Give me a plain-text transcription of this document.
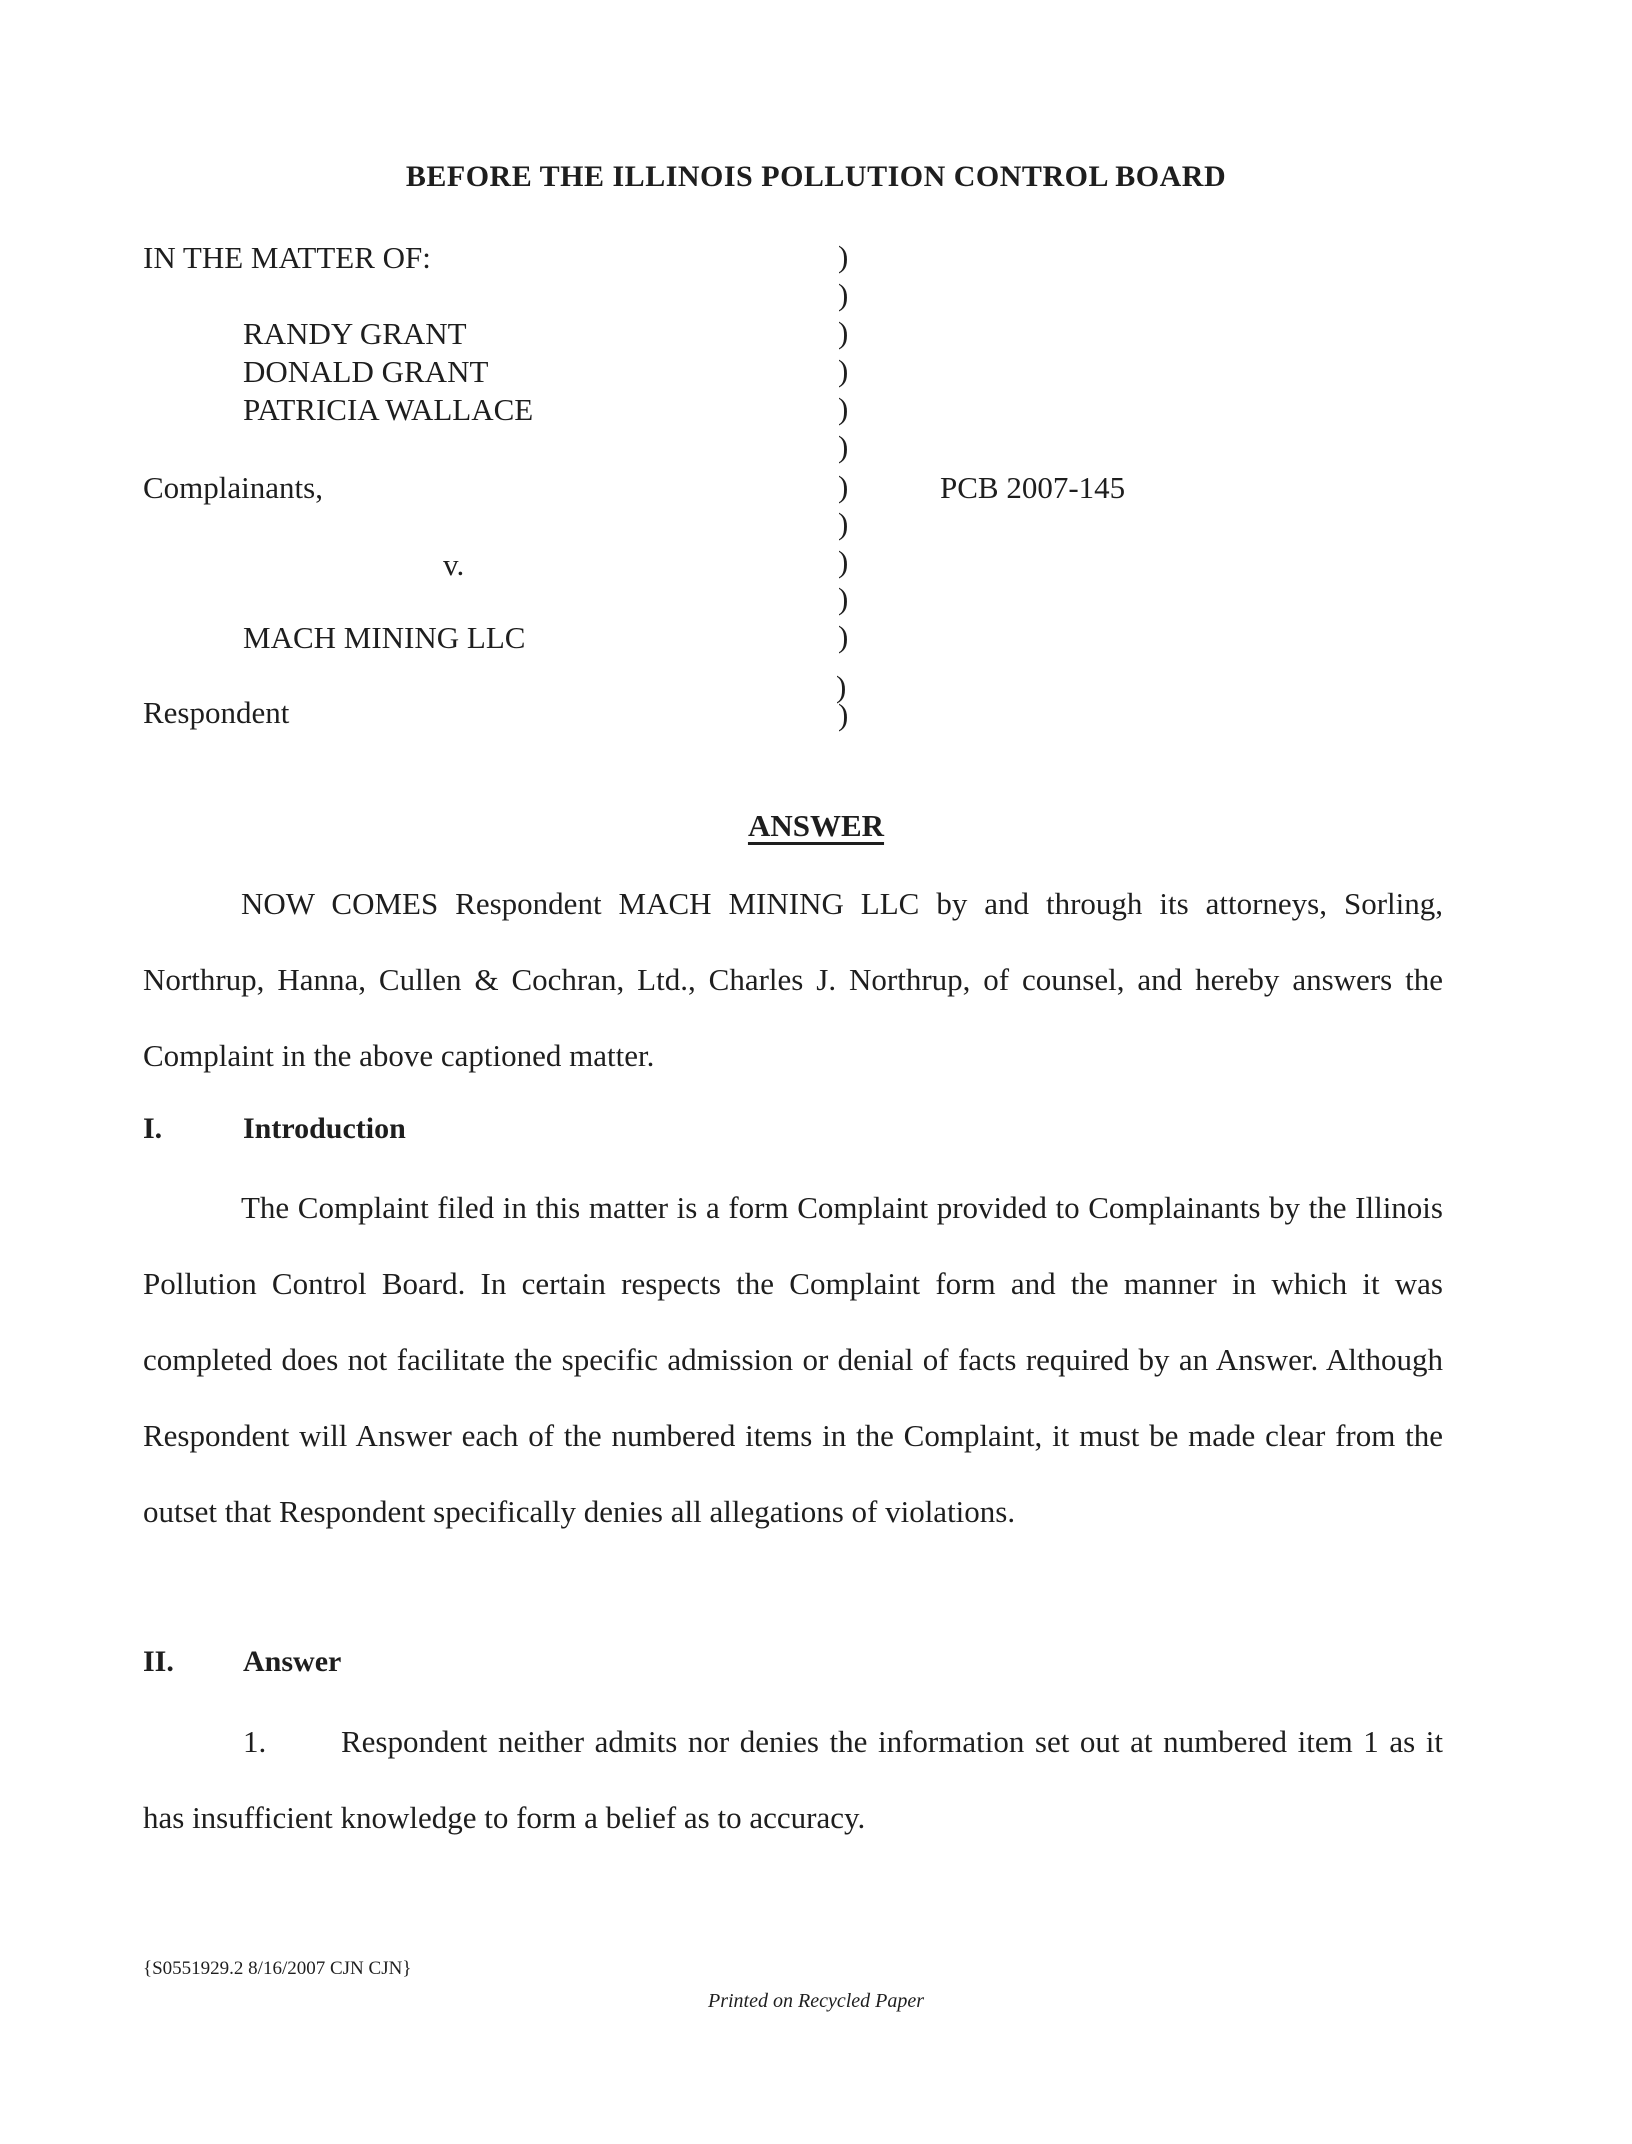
BEFORE THE ILLINOIS POLLUTION CONTROL BOARD
IN THE MATTER OF:
RANDY GRANT
DONALD GRANT
PATRICIA WALLACE
Complainants,
v.
MACH MINING LLC
Respondent
)
)
)
)
)
)
)
)
)
)
)
)
)
PCB 2007-145
ANSWER
NOW COMES Respondent MACH MINING LLC by and through its attorneys, Sorling, Northrup, Hanna, Cullen & Cochran, Ltd., Charles J. Northrup, of counsel, and hereby answers the Complaint in the above captioned matter.
I.	Introduction
The Complaint filed in this matter is a form Complaint provided to Complainants by the Illinois Pollution Control Board. In certain respects the Complaint form and the manner in which it was completed does not facilitate the specific admission or denial of facts required by an Answer. Although Respondent will Answer each of the numbered items in the Complaint, it must be made clear from the outset that Respondent specifically denies all allegations of violations.
II. Answer
1.	Respondent neither admits nor denies the information set out at numbered item 1 as it has insufficient knowledge to form a belief as to accuracy.
{S0551929.2 8/16/2007 CJN CJN}
Printed on Recycled Paper
